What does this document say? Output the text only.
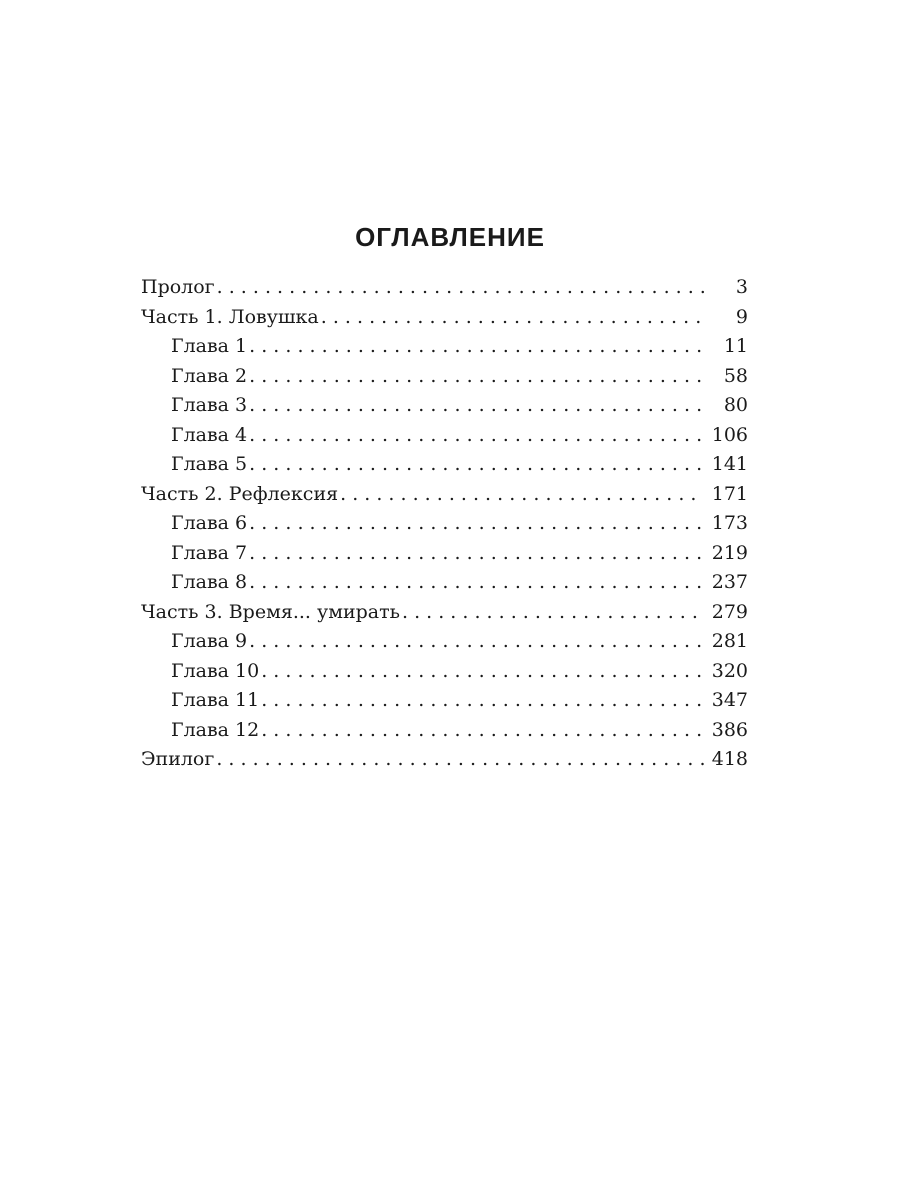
ОГЛАВЛЕНИЕ
Пролог . . .	3
Часть 1. Ловушка . . .	9
Глава 1 . . .	11
Глава 2 . . .	58
Глава 3 . . .	80
Глава 4 . . .	106
Глава 5 . . .	141
Часть 2. Рефлексия . . .	171
Глава 6 . . .	173
Глава 7 . . .	219
Глава 8 . . .	237
Часть 3. Время... умирать . . .	279
Глава 9 . . .	281
Глава 10 . . .	320
Глава 11 . . .	347
Глава 12 . . .	386
Эпилог . . .	418
